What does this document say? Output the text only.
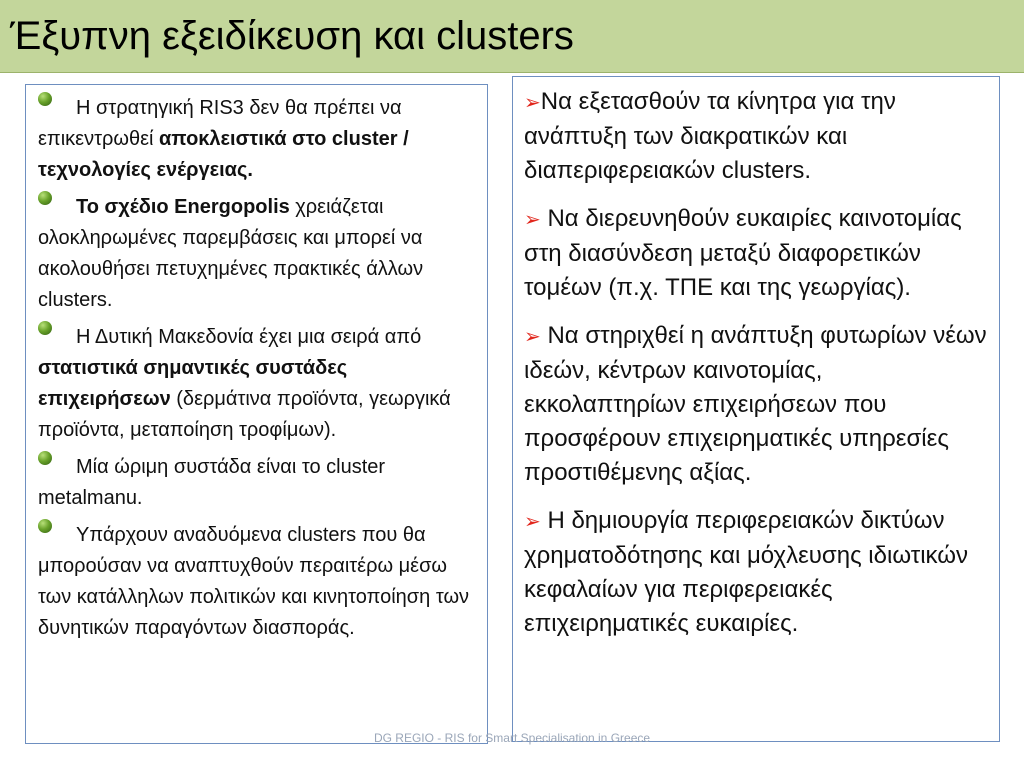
Έξυπνη εξειδίκευση και clusters
Η στρατηγική RIS3 δεν θα πρέπει να επικεντρωθεί αποκλειστικά στο cluster / τεχνολογίες ενέργειας.
Το σχέδιο Energopolis χρειάζεται ολοκληρωμένες παρεμβάσεις και μπορεί να ακολουθήσει πετυχημένες πρακτικές άλλων clusters.
Η Δυτική Μακεδονία έχει μια σειρά από στατιστικά σημαντικές συστάδες επιχειρήσεων (δερμάτινα προϊόντα, γεωργικά προϊόντα, μεταποίηση τροφίμων).
Μία ώριμη συστάδα είναι το cluster metalmanu.
Υπάρχουν αναδυόμενα clusters που θα μπορούσαν να αναπτυχθούν περαιτέρω μέσω των κατάλληλων πολιτικών και κινητοποίηση των δυνητικών παραγόντων διασποράς.
➢Να εξετασθούν τα κίνητρα για την ανάπτυξη των διακρατικών και διαπεριφερειακών clusters.
➢ Να διερευνηθούν ευκαιρίες καινοτομίας στη διασύνδεση μεταξύ διαφορετικών τομέων (π.χ. ΤΠΕ και της γεωργίας).
➢ Να στηριχθεί η ανάπτυξη φυτωρίων νέων ιδεών, κέντρων καινοτομίας, εκκολαπτηρίων επιχειρήσεων που προσφέρουν επιχειρηματικές υπηρεσίες προστιθέμενης αξίας.
➢ Η δημιουργία περιφερειακών δικτύων χρηματοδότησης και μόχλευσης ιδιωτικών κεφαλαίων για περιφερειακές επιχειρηματικές ευκαιρίες.
DG REGIO - RIS for Smart Specialisation in Greece
